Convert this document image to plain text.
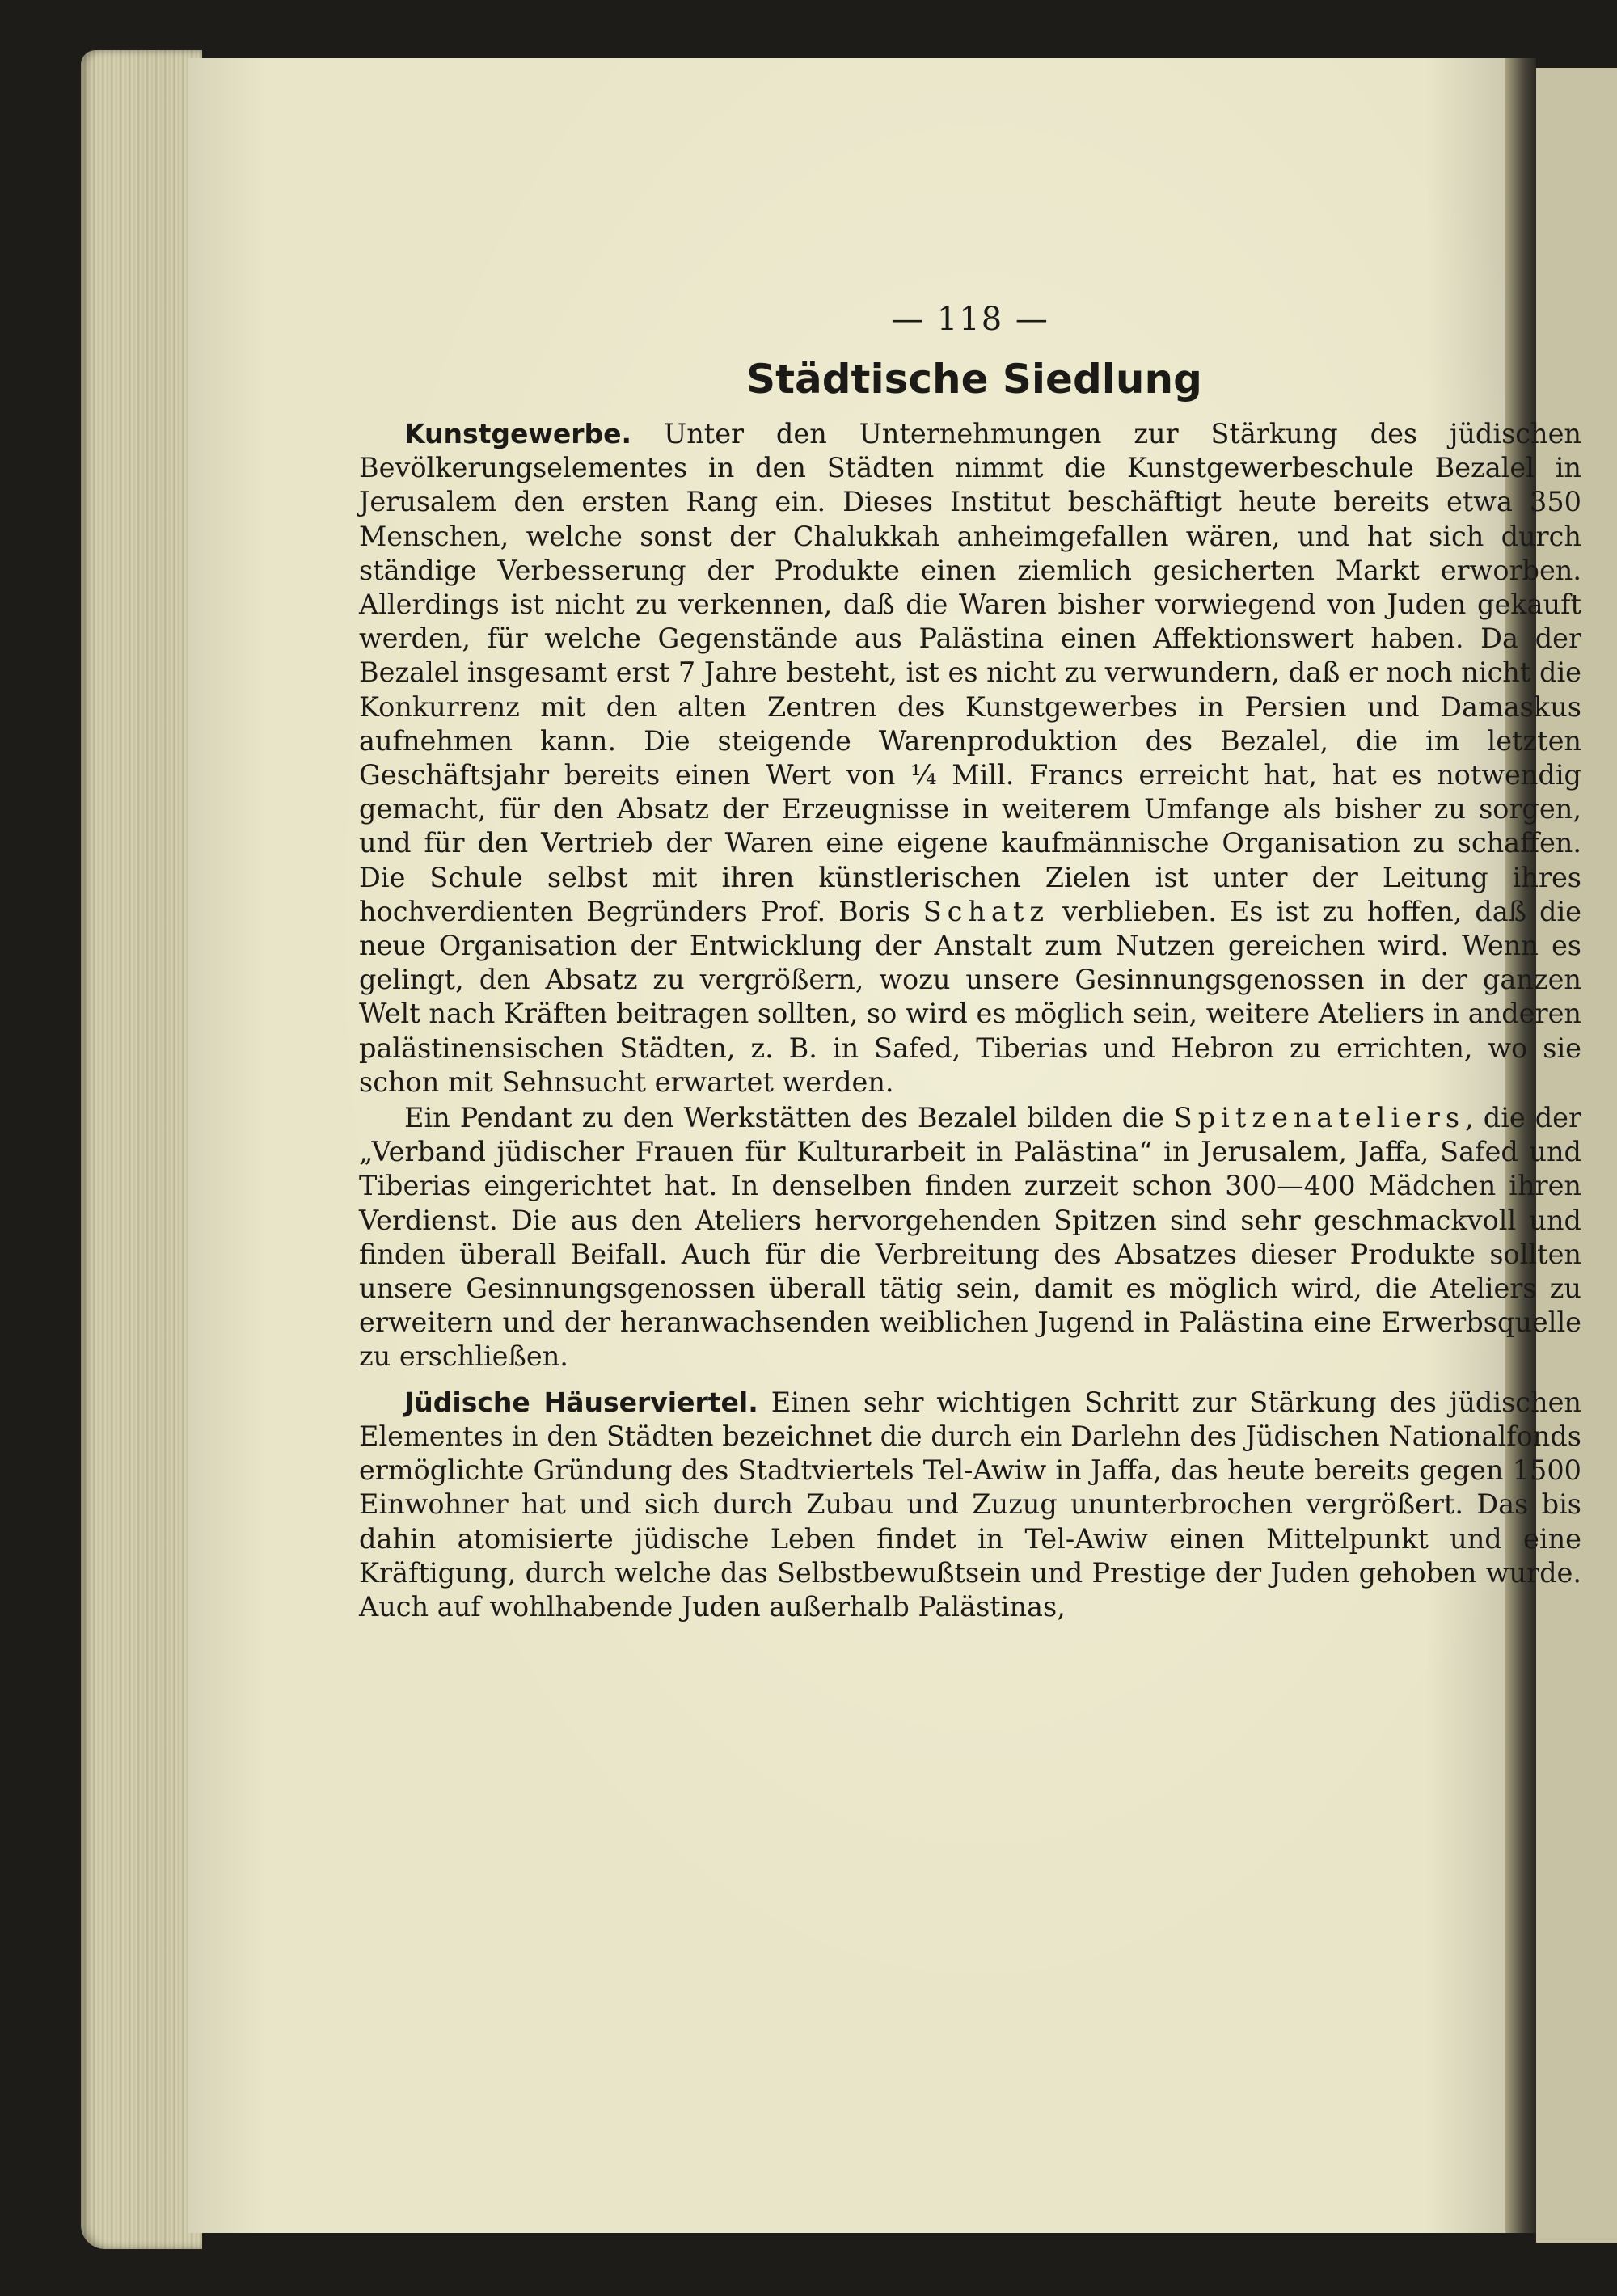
— 118 —
Städtische Siedlung

Kunstgewerbe. Unter den Unternehmungen zur Stärkung des jüdischen Bevölkerungselementes in den Städten nimmt die Kunstgewerbeschule Bezalel in Jerusalem den ersten Rang ein. Dieses Institut beschäftigt heute bereits etwa 350 Menschen, welche sonst der Chalukkah anheimgefallen wären, und hat sich durch ständige Verbesserung der Produkte einen ziemlich gesicherten Markt erworben. Allerdings ist nicht zu verkennen, daß die Waren bisher vorwiegend von Juden gekauft werden, für welche Gegenstände aus Palästina einen Affektionswert haben. Da der Bezalel insgesamt erst 7 Jahre besteht, ist es nicht zu verwundern, daß er noch nicht die Konkurrenz mit den alten Zentren des Kunstgewerbes in Persien und Damaskus aufnehmen kann. Die steigende Warenproduktion des Bezalel, die im letzten Geschäftsjahr bereits einen Wert von ¼ Mill. Francs erreicht hat, hat es notwendig gemacht, für den Absatz der Erzeugnisse in weiterem Umfange als bisher zu sorgen, und für den Vertrieb der Waren eine eigene kaufmännische Organisation zu schaffen. Die Schule selbst mit ihren künstlerischen Zielen ist unter der Leitung ihres hochverdienten Begründers Prof. Boris Schatz verblieben. Es ist zu hoffen, daß die neue Organisation der Entwicklung der Anstalt zum Nutzen gereichen wird. Wenn es gelingt, den Absatz zu vergrößern, wozu unsere Gesinnungsgenossen in der ganzen Welt nach Kräften beitragen sollten, so wird es möglich sein, weitere Ateliers in anderen palästinensischen Städten, z. B. in Safed, Tiberias und Hebron zu errichten, wo sie schon mit Sehnsucht erwartet werden.

Ein Pendant zu den Werkstätten des Bezalel bilden die Spitzenateliers, die der „Verband jüdischer Frauen für Kulturarbeit in Palästina“ in Jerusalem, Jaffa, Safed und Tiberias eingerichtet hat. In denselben finden zurzeit schon 300—400 Mädchen ihren Verdienst. Die aus den Ateliers hervorgehenden Spitzen sind sehr geschmackvoll und finden überall Beifall. Auch für die Verbreitung des Absatzes dieser Produkte sollten unsere Gesinnungsgenossen überall tätig sein, damit es möglich wird, die Ateliers zu erweitern und der heranwachsenden weiblichen Jugend in Palästina eine Erwerbsquelle zu erschließen.

Jüdische Häuserviertel. Einen sehr wichtigen Schritt zur Stärkung des jüdischen Elementes in den Städten bezeichnet die durch ein Darlehn des Jüdischen Nationalfonds ermöglichte Gründung des Stadtviertels Tel-Awiw in Jaffa, das heute bereits gegen 1500 Einwohner hat und sich durch Zubau und Zuzug ununterbrochen vergrößert. Das bis dahin atomisierte jüdische Leben findet in Tel-Awiw einen Mittelpunkt und eine Kräftigung, durch welche das Selbstbewußtsein und Prestige der Juden gehoben wurde. Auch auf wohlhabende Juden außerhalb Palästinas,
